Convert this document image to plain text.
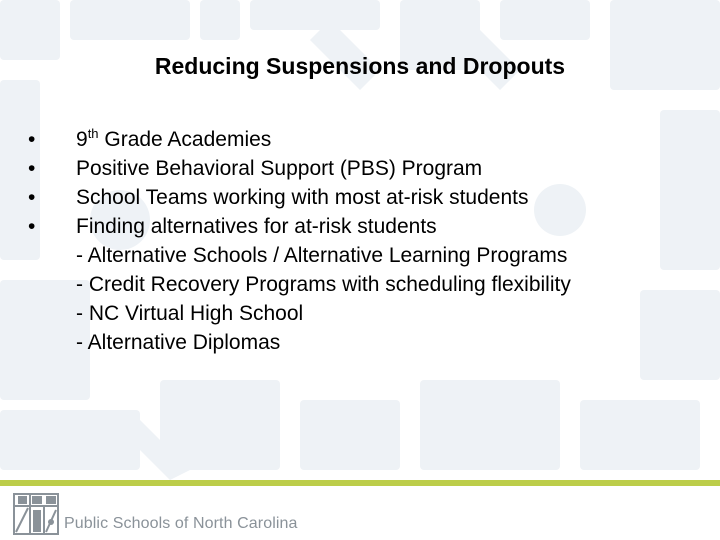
Reducing Suspensions and Dropouts
•	9th Grade Academies
•	Positive Behavioral Support (PBS) Program
•	School Teams working with most at-risk students
•	Finding alternatives for at-risk students
- Alternative Schools / Alternative Learning Programs
- Credit Recovery Programs with scheduling flexibility
- NC Virtual High School
- Alternative Diplomas
Public Schools of North Carolina
